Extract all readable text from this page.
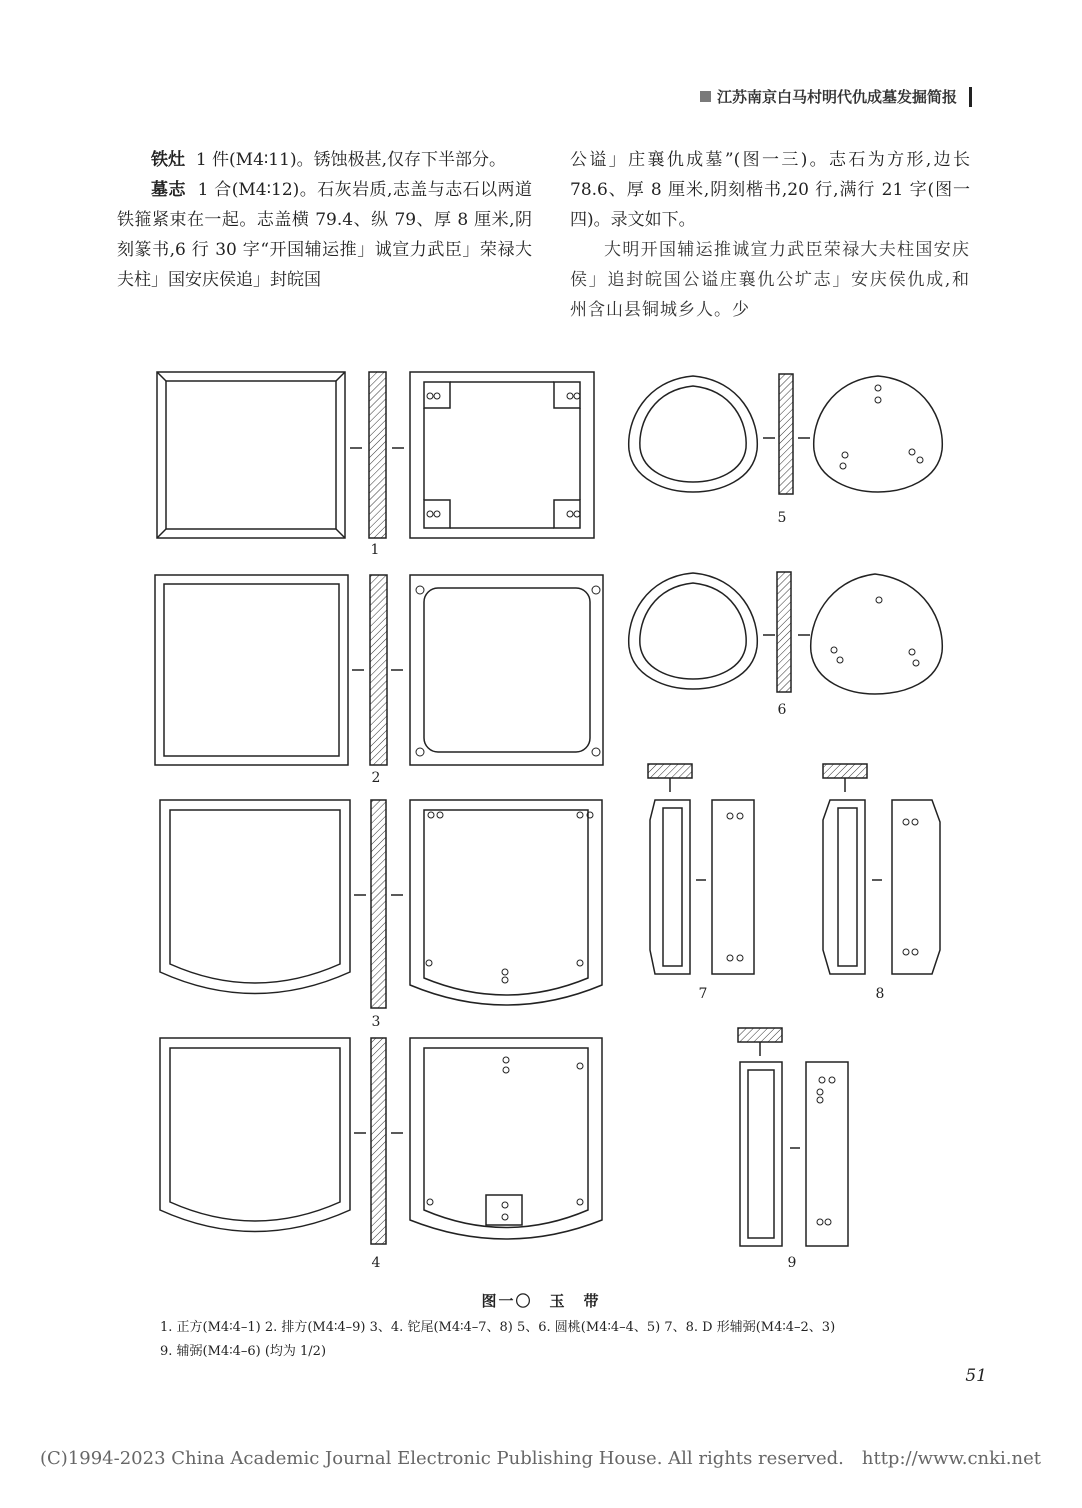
江苏南京白马村明代仇成墓发掘简报

铁灶 1 件(M4∶11)。锈蚀极甚,仅存下半部分。

墓志 1 合(M4∶12)。石灰岩质,志盖与志石以两道铁箍紧束在一起。志盖横 79.4、纵 79、厚 8 厘米,阴刻篆书,6 行 30 字“开国辅运推」诚宣力武臣」荣禄大夫柱」国安庆侯追」封皖国

公谥」庄襄仇成墓”(图一三)。志石为方形,边长 78.6、厚 8 厘米,阴刻楷书,20 行,满行 21 字(图一四)。录文如下。

大明开国辅运推诚宣力武臣荣禄大夫柱国安庆侯」追封皖国公谥庄襄仇公圹志」安庆侯仇成,和州含山县铜城乡人。少

1
2
3
4
5
6
7	8
9
图一〇　玉　带
1. 正方(M4∶4–1) 2. 排方(M4∶4–9) 3、4. 铊尾(M4∶4–7、8) 5、6. 圆桃(M4∶4–4、5) 7、8. D 形辅弼(M4∶4–2、3)
9. 辅弼(M4∶4–6) (均为 1/2)
51
(C)1994-2023 China Academic Journal Electronic Publishing House. All rights reserved. http://www.cnki.net
